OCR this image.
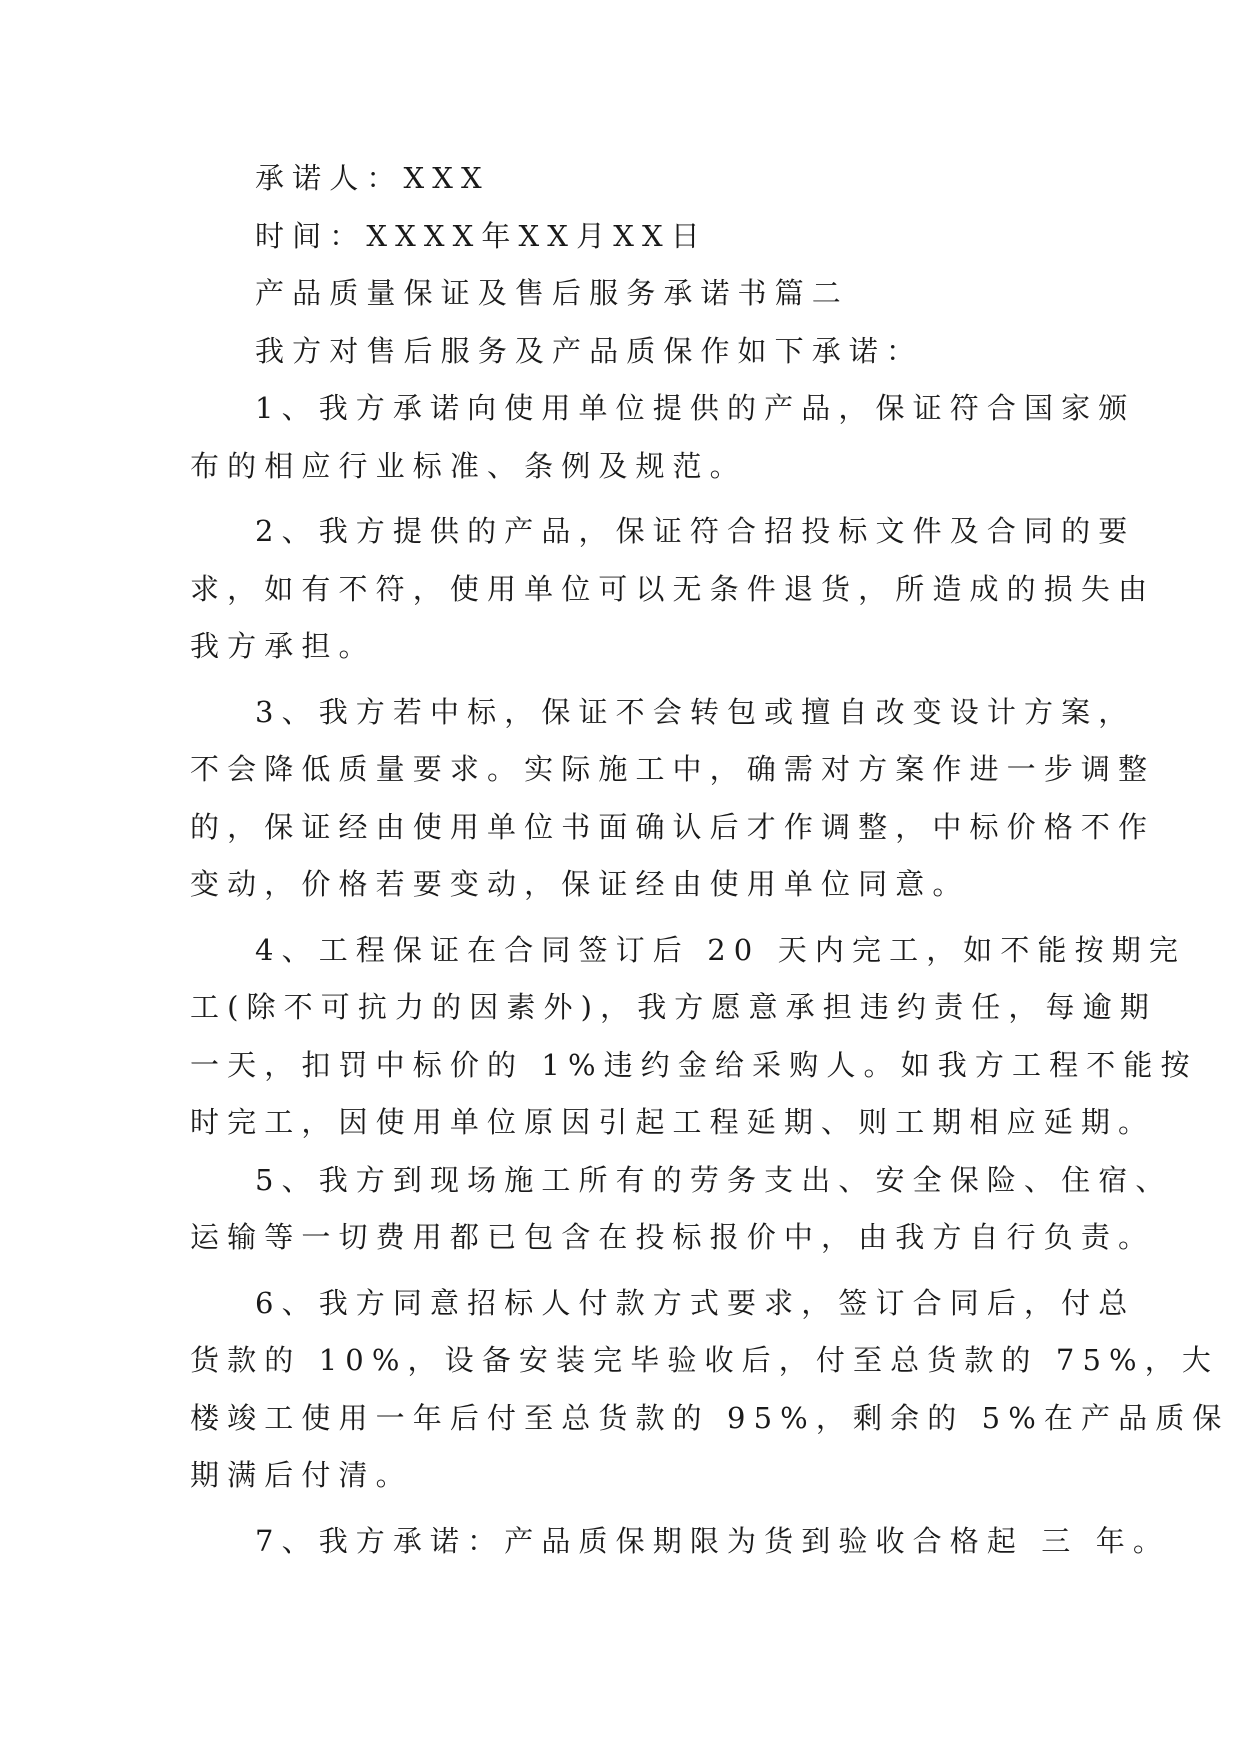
承诺人：XXX

时间：XXXX年XX月XX日

产品质量保证及售后服务承诺书篇二

我方对售后服务及产品质保作如下承诺：

1、我方承诺向使用单位提供的产品，保证符合国家颁

布的相应行业标准、条例及规范。

2、我方提供的产品，保证符合招投标文件及合同的要

求，如有不符，使用单位可以无条件退货，所造成的损失由

我方承担。

3、我方若中标，保证不会转包或擅自改变设计方案，

不会降低质量要求。实际施工中，确需对方案作进一步调整

的，保证经由使用单位书面确认后才作调整，中标价格不作

变动，价格若要变动，保证经由使用单位同意。

4、工程保证在合同签订后 20 天内完工，如不能按期完

工(除不可抗力的因素外)，我方愿意承担违约责任，每逾期

一天，扣罚中标价的 1%违约金给采购人。如我方工程不能按

时完工，因使用单位原因引起工程延期、则工期相应延期。

5、我方到现场施工所有的劳务支出、安全保险、住宿、

运输等一切费用都已包含在投标报价中，由我方自行负责。

6、我方同意招标人付款方式要求，签订合同后，付总

货款的 10%，设备安装完毕验收后，付至总货款的 75%，大

楼竣工使用一年后付至总货款的 95%，剩余的 5%在产品质保

期满后付清。

7、我方承诺：产品质保期限为货到验收合格起 三 年。
